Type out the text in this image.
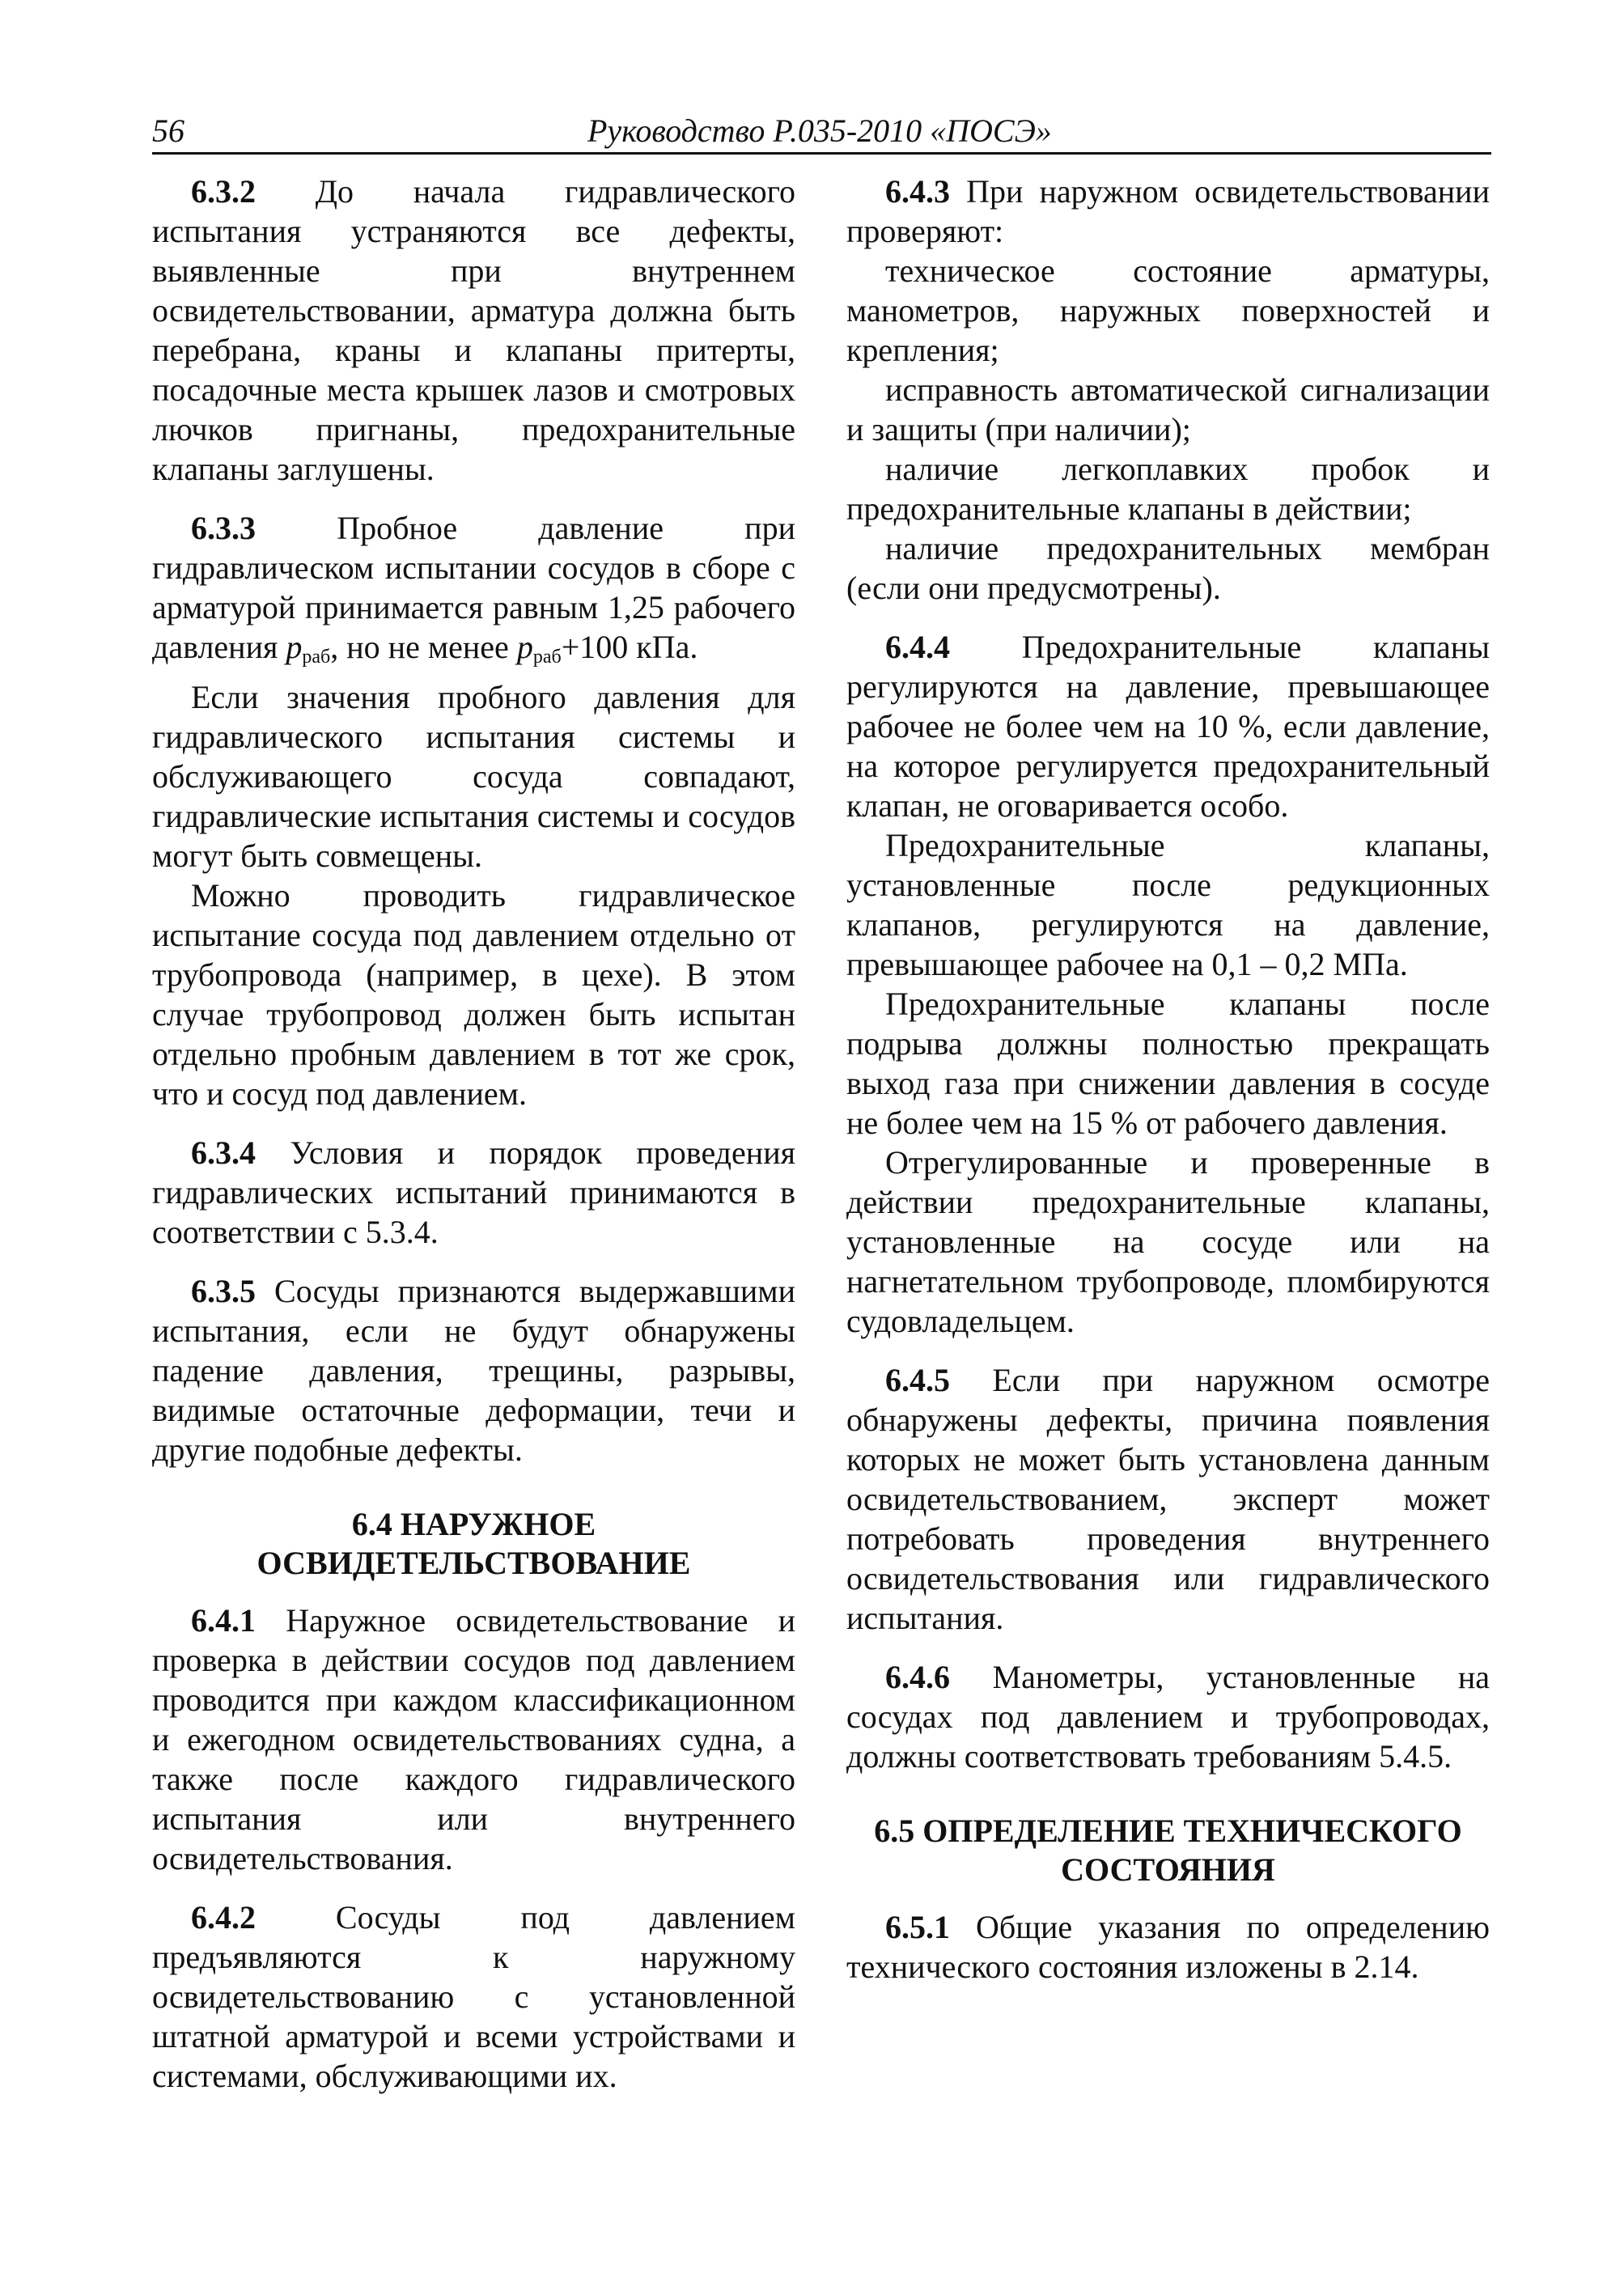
56	Руководство Р.035-2010 «ПОСЭ»

6.3.2 До начала гидравлического испытания устраняются все дефекты, выявленные при внутреннем освидетельствовании, арматура должна быть перебрана, краны и клапаны притерты, посадочные места крышек лазов и смотровых лючков пригнаны, предохранительные клапаны заглушены.

6.3.3	Пробное давление при гидравлическом испытании сосудов в сборе с арматурой принимается равным 1,25 рабочего давления $p_{раб}$, но не менее $p_{раб}+100$ кПа.

Если значения пробного давления для гидравлического испытания системы и обслуживающего сосуда совпадают, гидравлические испытания системы и сосудов могут быть совмещены.

Можно проводить гидравлическое испытание сосуда под давлением отдельно от трубопровода (например, в цехе). В этом случае трубопровод должен быть испытан отдельно пробным давлением в тот же срок, что и сосуд под давлением.

6.3.4 Условия и порядок проведения гидравлических испытаний принимаются в соответствии с 5.3.4.

6.3.5 Сосуды признаются выдержавшими испытания, если не будут обнаружены падение давления, трещины, разрывы, видимые остаточные деформации, течи и другие подобные дефекты.

6.4 НАРУЖНОЕ
ОСВИДЕТЕЛЬСТВОВАНИЕ

6.4.1 Наружное освидетельствование и проверка в действии сосудов под давлением проводится при каждом классификационном и ежегодном освидетельствованиях судна, а также после каждого гидравлического испытания или внутреннего освидетельствования.

6.4.2 Сосуды под давлением предъявляются к наружному освидетельствованию с установленной штатной арматурой и всеми устройствами и системами, обслуживающими их.

6.4.3 При наружном освидетельствовании проверяют:

техническое состояние арматуры, манометров, наружных поверхностей и крепления;

исправность автоматической сигнализации и защиты (при наличии);

наличие легкоплавких пробок и предохранительные клапаны в действии;

наличие предохранительных мембран (если они предусмотрены).

6.4.4 Предохранительные клапаны регулируются на давление, превышающее рабочее не более чем на 10 %, если давление, на которое регулируется предохранительный клапан, не оговаривается особо.

Предохранительные клапаны, установленные после редукционных клапанов, регулируются на давление, превышающее рабочее на 0,1 – 0,2 МПа.

Предохранительные клапаны после подрыва должны полностью прекращать выход газа при снижении давления в сосуде не более чем на 15 % от рабочего давления.

Отрегулированные и проверенные в действии предохранительные клапаны, установленные на сосуде или на нагнетательном трубопроводе, пломбируются судовладельцем.

6.4.5 Если при наружном осмотре обнаружены дефекты, причина появления которых не может быть установлена данным освидетельствованием, эксперт может потребовать проведения внутреннего освидетельствования или гидравлического испытания.

6.4.6 Манометры, установленные на сосудах под давлением и трубопроводах, должны соответствовать требованиям 5.4.5.

6.5 ОПРЕДЕЛЕНИЕ ТЕХНИЧЕСКОГО
СОСТОЯНИЯ

6.5.1 Общие указания по определению технического состояния изложены в 2.14.
